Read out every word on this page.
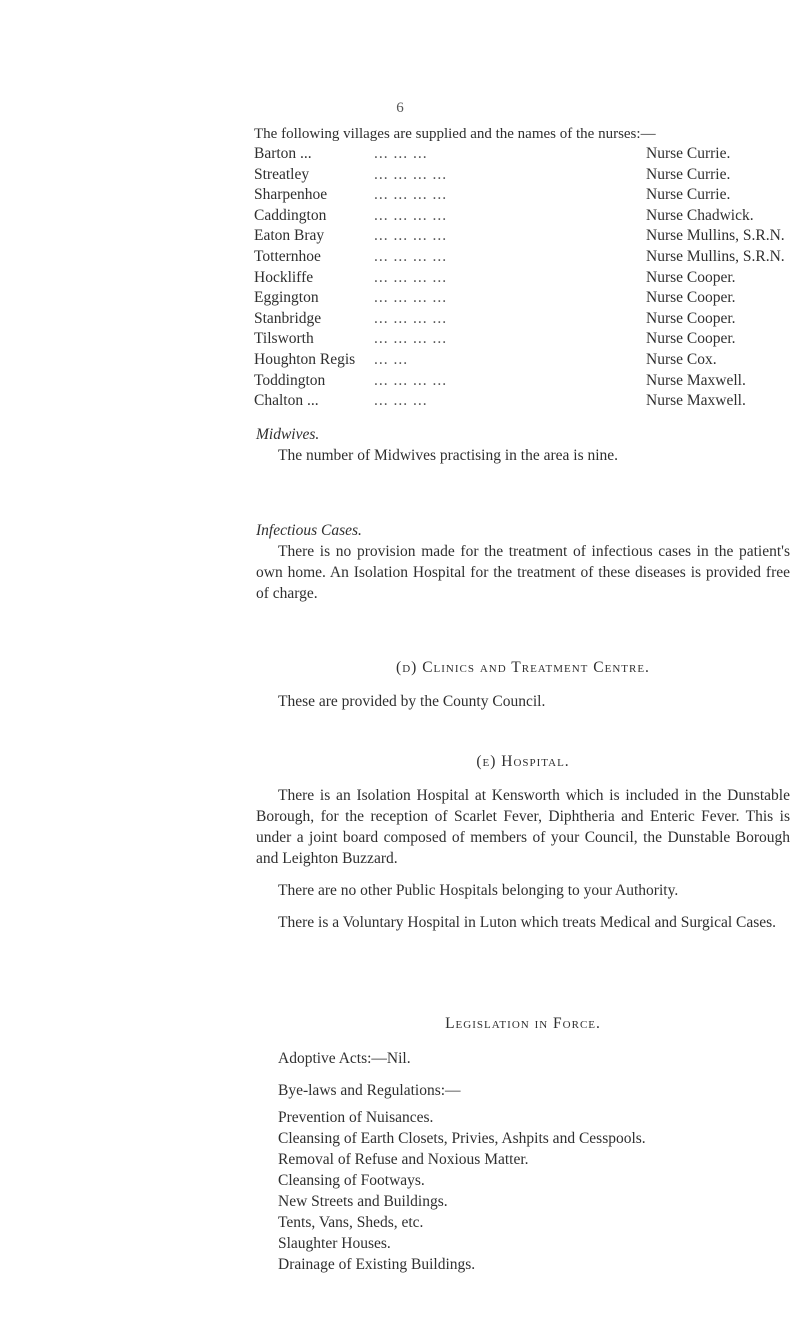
6
The following villages are supplied and the names of the nurses:—
Barton ...	... ... ...	Nurse Currie.
Streatley	... ... ... ...	Nurse Currie.
Sharpenhoe	... ... ... ...	Nurse Currie.
Caddington	... ... ... ...	Nurse Chadwick.
Eaton Bray	... ... ... ...	Nurse Mullins, S.R.N.
Totternhoe	... ... ... ...	Nurse Mullins, S.R.N.
Hockliffe	... ... ... ...	Nurse Cooper.
Eggington	... ... ... ...	Nurse Cooper.
Stanbridge	... ... ... ...	Nurse Cooper.
Tilsworth	... ... ... ...	Nurse Cooper.
Houghton Regis ... ...	Nurse Cox.
Toddington	... ... ... ...	Nurse Maxwell.
Chalton ...	... ... ...	Nurse Maxwell.
Midwives.

The number of Midwives practising in the area is nine.

Infectious Cases.

There is no provision made for the treatment of infectious cases in the patient's own home. An Isolation Hospital for the treatment of these diseases is provided free of charge.

(d) Clinics and Treatment Centre.

These are provided by the County Council.

(e) Hospital.

There is an Isolation Hospital at Kensworth which is included in the Dunstable Borough, for the reception of Scarlet Fever, Diphtheria and Enteric Fever. This is under a joint board composed of members of your Council, the Dunstable Borough and Leighton Buzzard.

There are no other Public Hospitals belonging to your Authority.

There is a Voluntary Hospital in Luton which treats Medical and Surgical Cases.

Legislation in Force.

Adoptive Acts:—Nil.

Bye-laws and Regulations:—

Prevention of Nuisances.

Cleansing of Earth Closets, Privies, Ashpits and Cesspools.

Removal of Refuse and Noxious Matter.

Cleansing of Footways.

New Streets and Buildings.

Tents, Vans, Sheds, etc.

Slaughter Houses.

Drainage of Existing Buildings.
